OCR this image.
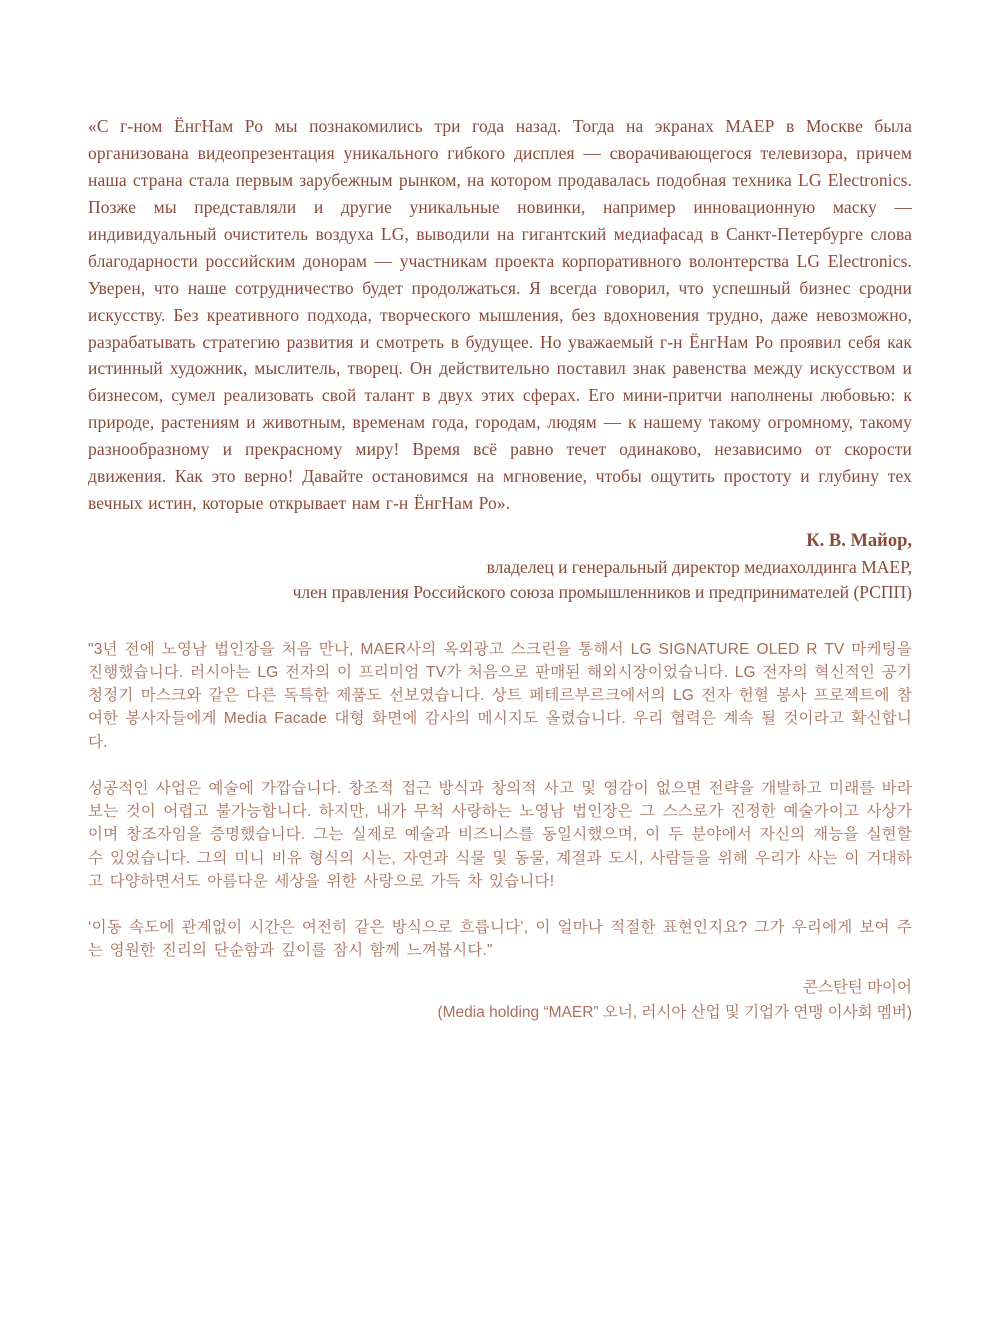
«С г-ном ЁнгНам Ро мы познакомились три года назад. Тогда на экранах МАЕР в Москве была организована видеопрезентация уникального гибкого дисплея — сворачивающегося телевизора, причем наша страна стала первым зарубежным рынком, на котором продавалась подобная техника LG Electronics. Позже мы представляли и другие уникальные новинки, например инновационную маску — индивидуальный очиститель воздуха LG, выводили на гигантский медиафасад в Санкт-Петербурге слова благодарности российским донорам — участникам проекта корпоративного волонтерства LG Electronics. Уверен, что наше сотрудничество будет продолжаться. Я всегда говорил, что успешный бизнес сродни искусству. Без креативного подхода, творческого мышления, без вдохновения трудно, даже невозможно, разрабатывать стратегию развития и смотреть в будущее. Но уважаемый г-н ЁнгНам Ро проявил себя как истинный художник, мыслитель, творец. Он действительно поставил знак равенства между искусством и бизнесом, сумел реализовать свой талант в двух этих сферах. Его мини-притчи наполнены любовью: к природе, растениям и животным, временам года, городам, людям — к нашему такому огромному, такому разнообразному и прекрасному миру! Время всё равно течет одинаково, независимо от скорости движения. Как это верно! Давайте остановимся на мгновение, чтобы ощутить простоту и глубину тех вечных истин, которые открывает нам г-н ЁнгНам Ро».

К. В. Майор,
владелец и генеральный директор медиахолдинга МАЕР,
член правления Российского союза промышленников и предпринимателей (РСПП)

"3년 전에 노영남 법인장을 처음 만나, MAER사의 옥외광고 스크린을 통해서 LG SIGNATURE OLED R TV 마케팅을 진행했습니다. 러시아는 LG 전자의 이 프리미엄 TV가 처음으로 판매된 해외시장이었습니다. LG 전자의 혁신적인 공기 청정기 마스크와 같은 다른 독특한 제품도 선보였습니다. 상트 페테르부르크에서의 LG 전자 헌혈 봉사 프로젝트에 참여한 봉사자들에게 Media Facade 대형 화면에 감사의 메시지도 올렸습니다. 우리 협력은 계속 될 것이라고 확신합니다.

성공적인 사업은 예술에 가깝습니다. 창조적 접근 방식과 창의적 사고 및 영감이 없으면 전략을 개발하고 미래를 바라 보는 것이 어렵고 불가능합니다. 하지만, 내가 무척 사랑하는 노영남 법인장은 그 스스로가 진정한 예술가이고 사상가이며 창조자임을 증명했습니다. 그는 실제로 예술과 비즈니스를 동일시했으며, 이 두 분야에서 자신의 재능을 실현할 수 있었습니다. 그의 미니 비유 형식의 시는, 자연과 식물 및 동물, 계절과 도시, 사람들을 위해 우리가 사는 이 거대하고 다양하면서도 아름다운 세상을 위한 사랑으로 가득 차 있습니다!

‘이동 속도에 관계없이 시간은 여전히 같은 방식으로 흐릅니다’, 이 얼마나 적절한 표현인지요? 그가 우리에게 보여 주는 영원한 진리의 단순함과 깊이를 잠시 함께 느껴봅시다."

콘스탄틴 마이어
(Media holding “MAER” 오너, 러시아 산업 및 기업가 연맹 이사회 멤버)
